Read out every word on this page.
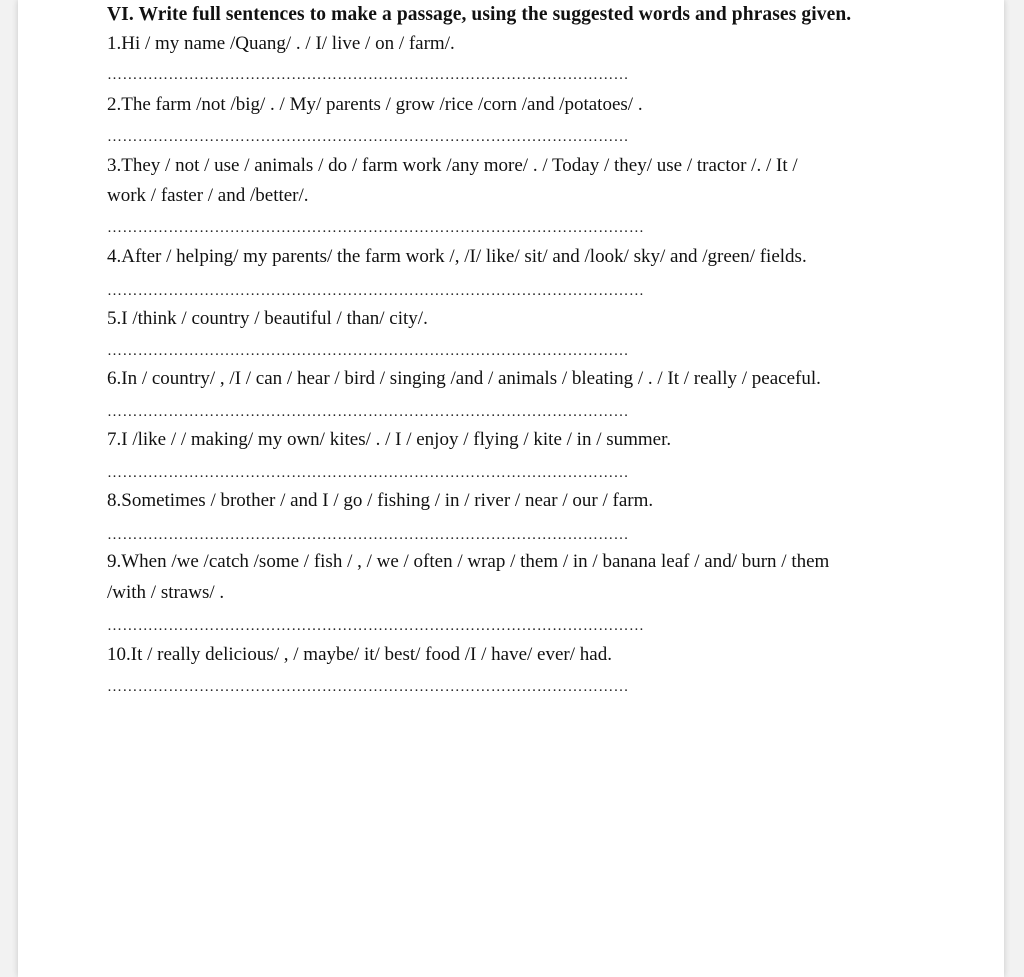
VI. Write full sentences to make a passage, using the suggested words and phrases given.
1.Hi / my name /Quang/ . / I/ live / on / farm/.
…………………………………………………………………………………………
2.The farm /not /big/ . / My/ parents / grow /rice /corn /and /potatoes/ .
…………………………………………………………………………………………
3.They / not / use / animals / do / farm work /any more/ . / Today / they/ use / tractor /. / It /
work / faster / and /better/.
……………………………………………………………………………………………
4.After / helping/ my parents/ the farm work /, /I/ like/ sit/ and /look/ sky/ and /green/ fields.
……………………………………………………………………………………………
5.I /think / country / beautiful / than/ city/.
…………………………………………………………………………………………
6.In / country/ , /I / can / hear / bird / singing /and / animals / bleating / . / It / really / peaceful.
…………………………………………………………………………………………
7.I /like / / making/ my own/ kites/ . / I / enjoy / flying / kite / in / summer.
…………………………………………………………………………………………
8.Sometimes / brother / and I / go / fishing / in / river / near / our / farm.
…………………………………………………………………………………………
9.When /we /catch /some / fish / , / we / often / wrap / them / in / banana leaf / and/ burn / them
/with / straws/ .
……………………………………………………………………………………………
10.It / really delicious/ , / maybe/ it/ best/ food /I / have/ ever/ had.
…………………………………………………………………………………………
